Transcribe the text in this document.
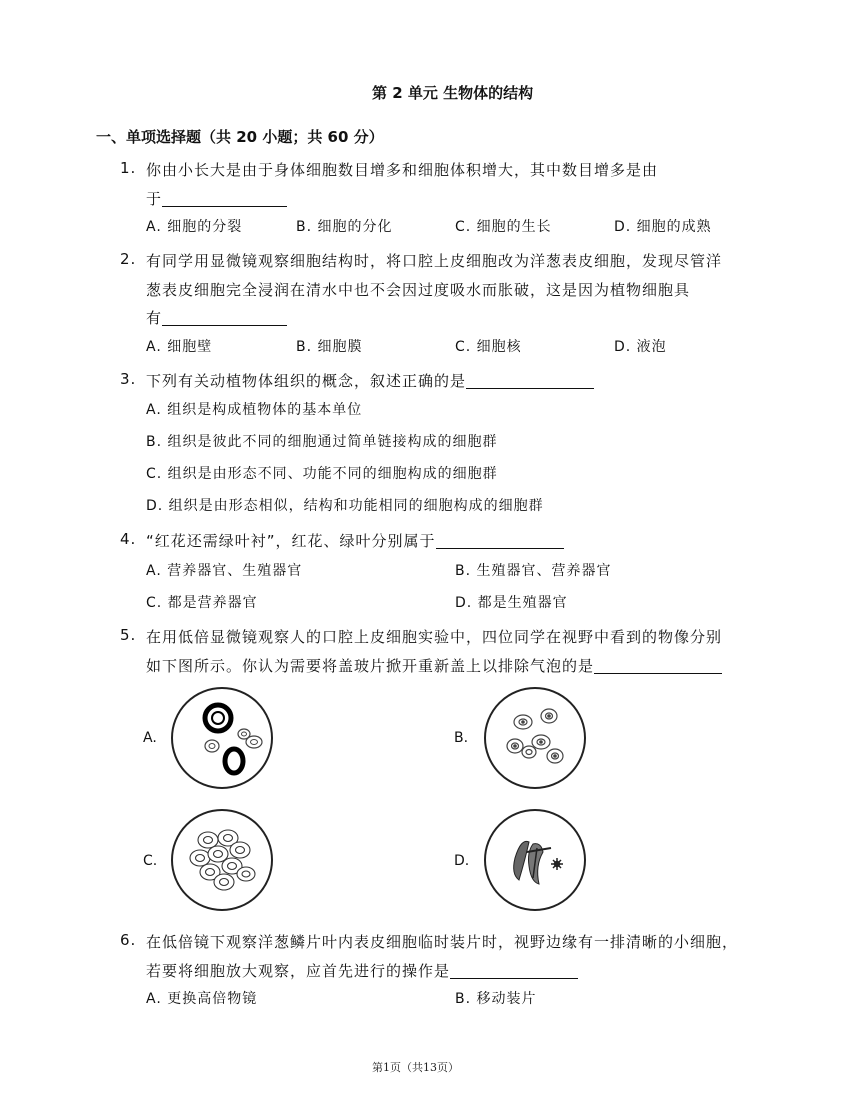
第 2 单元 生物体的结构
一、单项选择题（共 20 小题；共 60 分）
1. 你由小长大是由于身体细胞数目增多和细胞体积增大，其中数目增多是由
于
A. 细胞的分裂	B. 细胞的分化	C. 细胞的生长	D. 细胞的成熟
2. 有同学用显微镜观察细胞结构时，将口腔上皮细胞改为洋葱表皮细胞，发现尽管洋
葱表皮细胞完全浸润在清水中也不会因过度吸水而胀破，这是因为植物细胞具
有
A. 细胞壁	B. 细胞膜	C. 细胞核	D. 液泡
3. 下列有关动植物体组织的概念，叙述正确的是
A. 组织是构成植物体的基本单位
B. 组织是彼此不同的细胞通过简单链接构成的细胞群
C. 组织是由形态不同、功能不同的细胞构成的细胞群
D. 组织是由形态相似，结构和功能相同的细胞构成的细胞群
4. “红花还需绿叶衬”，红花、绿叶分别属于
A. 营养器官、生殖器官	B. 生殖器官、营养器官
C. 都是营养器官	D. 都是生殖器官
5. 在用低倍显微镜观察人的口腔上皮细胞实验中，四位同学在视野中看到的物像分别
如下图所示。你认为需要将盖玻片掀开重新盖上以排除气泡的是
A.	B.
C.	D.
6. 在低倍镜下观察洋葱鳞片叶内表皮细胞临时装片时，视野边缘有一排清晰的小细胞，
若要将细胞放大观察，应首先进行的操作是
A. 更换高倍物镜	B. 移动装片
第1页（共13页）
